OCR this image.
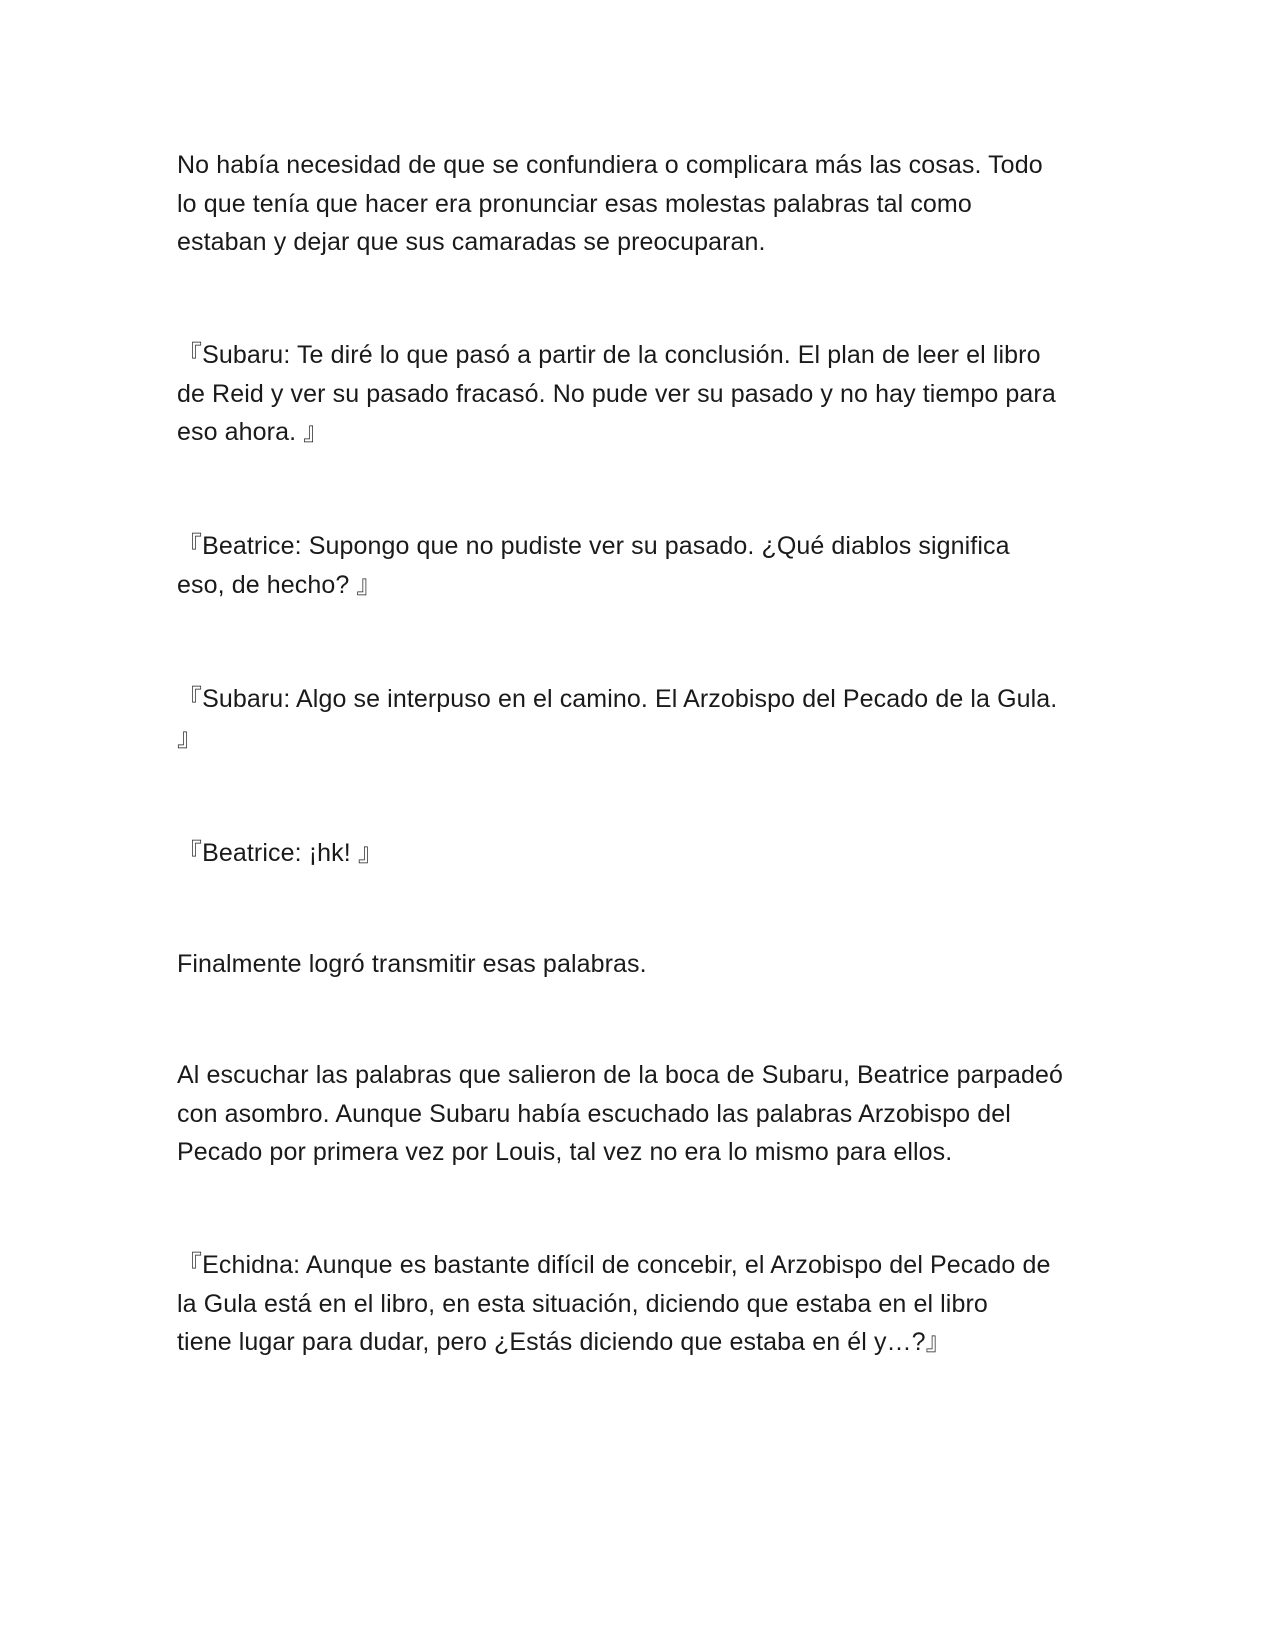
No había necesidad de que se confundiera o complicara más las cosas. Todo
lo que tenía que hacer era pronunciar esas molestas palabras tal como
estaban y dejar que sus camaradas se preocuparan.

『Subaru: Te diré lo que pasó a partir de la conclusión. El plan de leer el libro
de Reid y ver su pasado fracasó. No pude ver su pasado y no hay tiempo para
eso ahora. 』

『Beatrice: Supongo que no pudiste ver su pasado. ¿Qué diablos significa
eso, de hecho? 』

『Subaru: Algo se interpuso en el camino. El Arzobispo del Pecado de la Gula.
』

『Beatrice: ¡hk! 』

Finalmente logró transmitir esas palabras.

Al escuchar las palabras que salieron de la boca de Subaru, Beatrice parpadeó
con asombro. Aunque Subaru había escuchado las palabras Arzobispo del
Pecado por primera vez por Louis, tal vez no era lo mismo para ellos.

『Echidna: Aunque es bastante difícil de concebir, el Arzobispo del Pecado de
la Gula está en el libro, en esta situación, diciendo que estaba en el libro
tiene lugar para dudar, pero ¿Estás diciendo que estaba en él y…?』
